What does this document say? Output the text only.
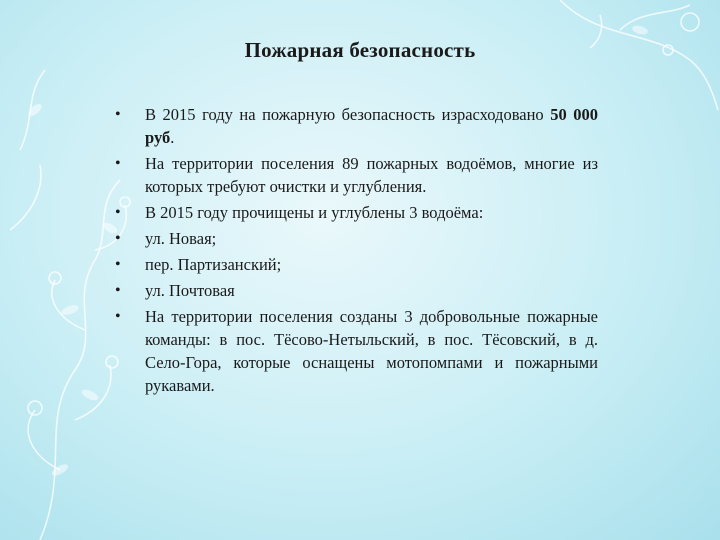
Пожарная безопасность
• В 2015 году на пожарную безопасность израсходовано 50 000 руб.
• На территории поселения 89 пожарных водоёмов, многие из которых требуют очистки и углубления.
• В 2015 году прочищены и углублены 3 водоёма:
• ул. Новая;
• пер. Партизанский;
• ул. Почтовая
• На территории поселения созданы 3 добровольные пожарные команды: в пос. Тёсово-Нетыльский, в пос. Тёсовский, в д. Село-Гора, которые оснащены мотопомпами и пожарными рукавами.
